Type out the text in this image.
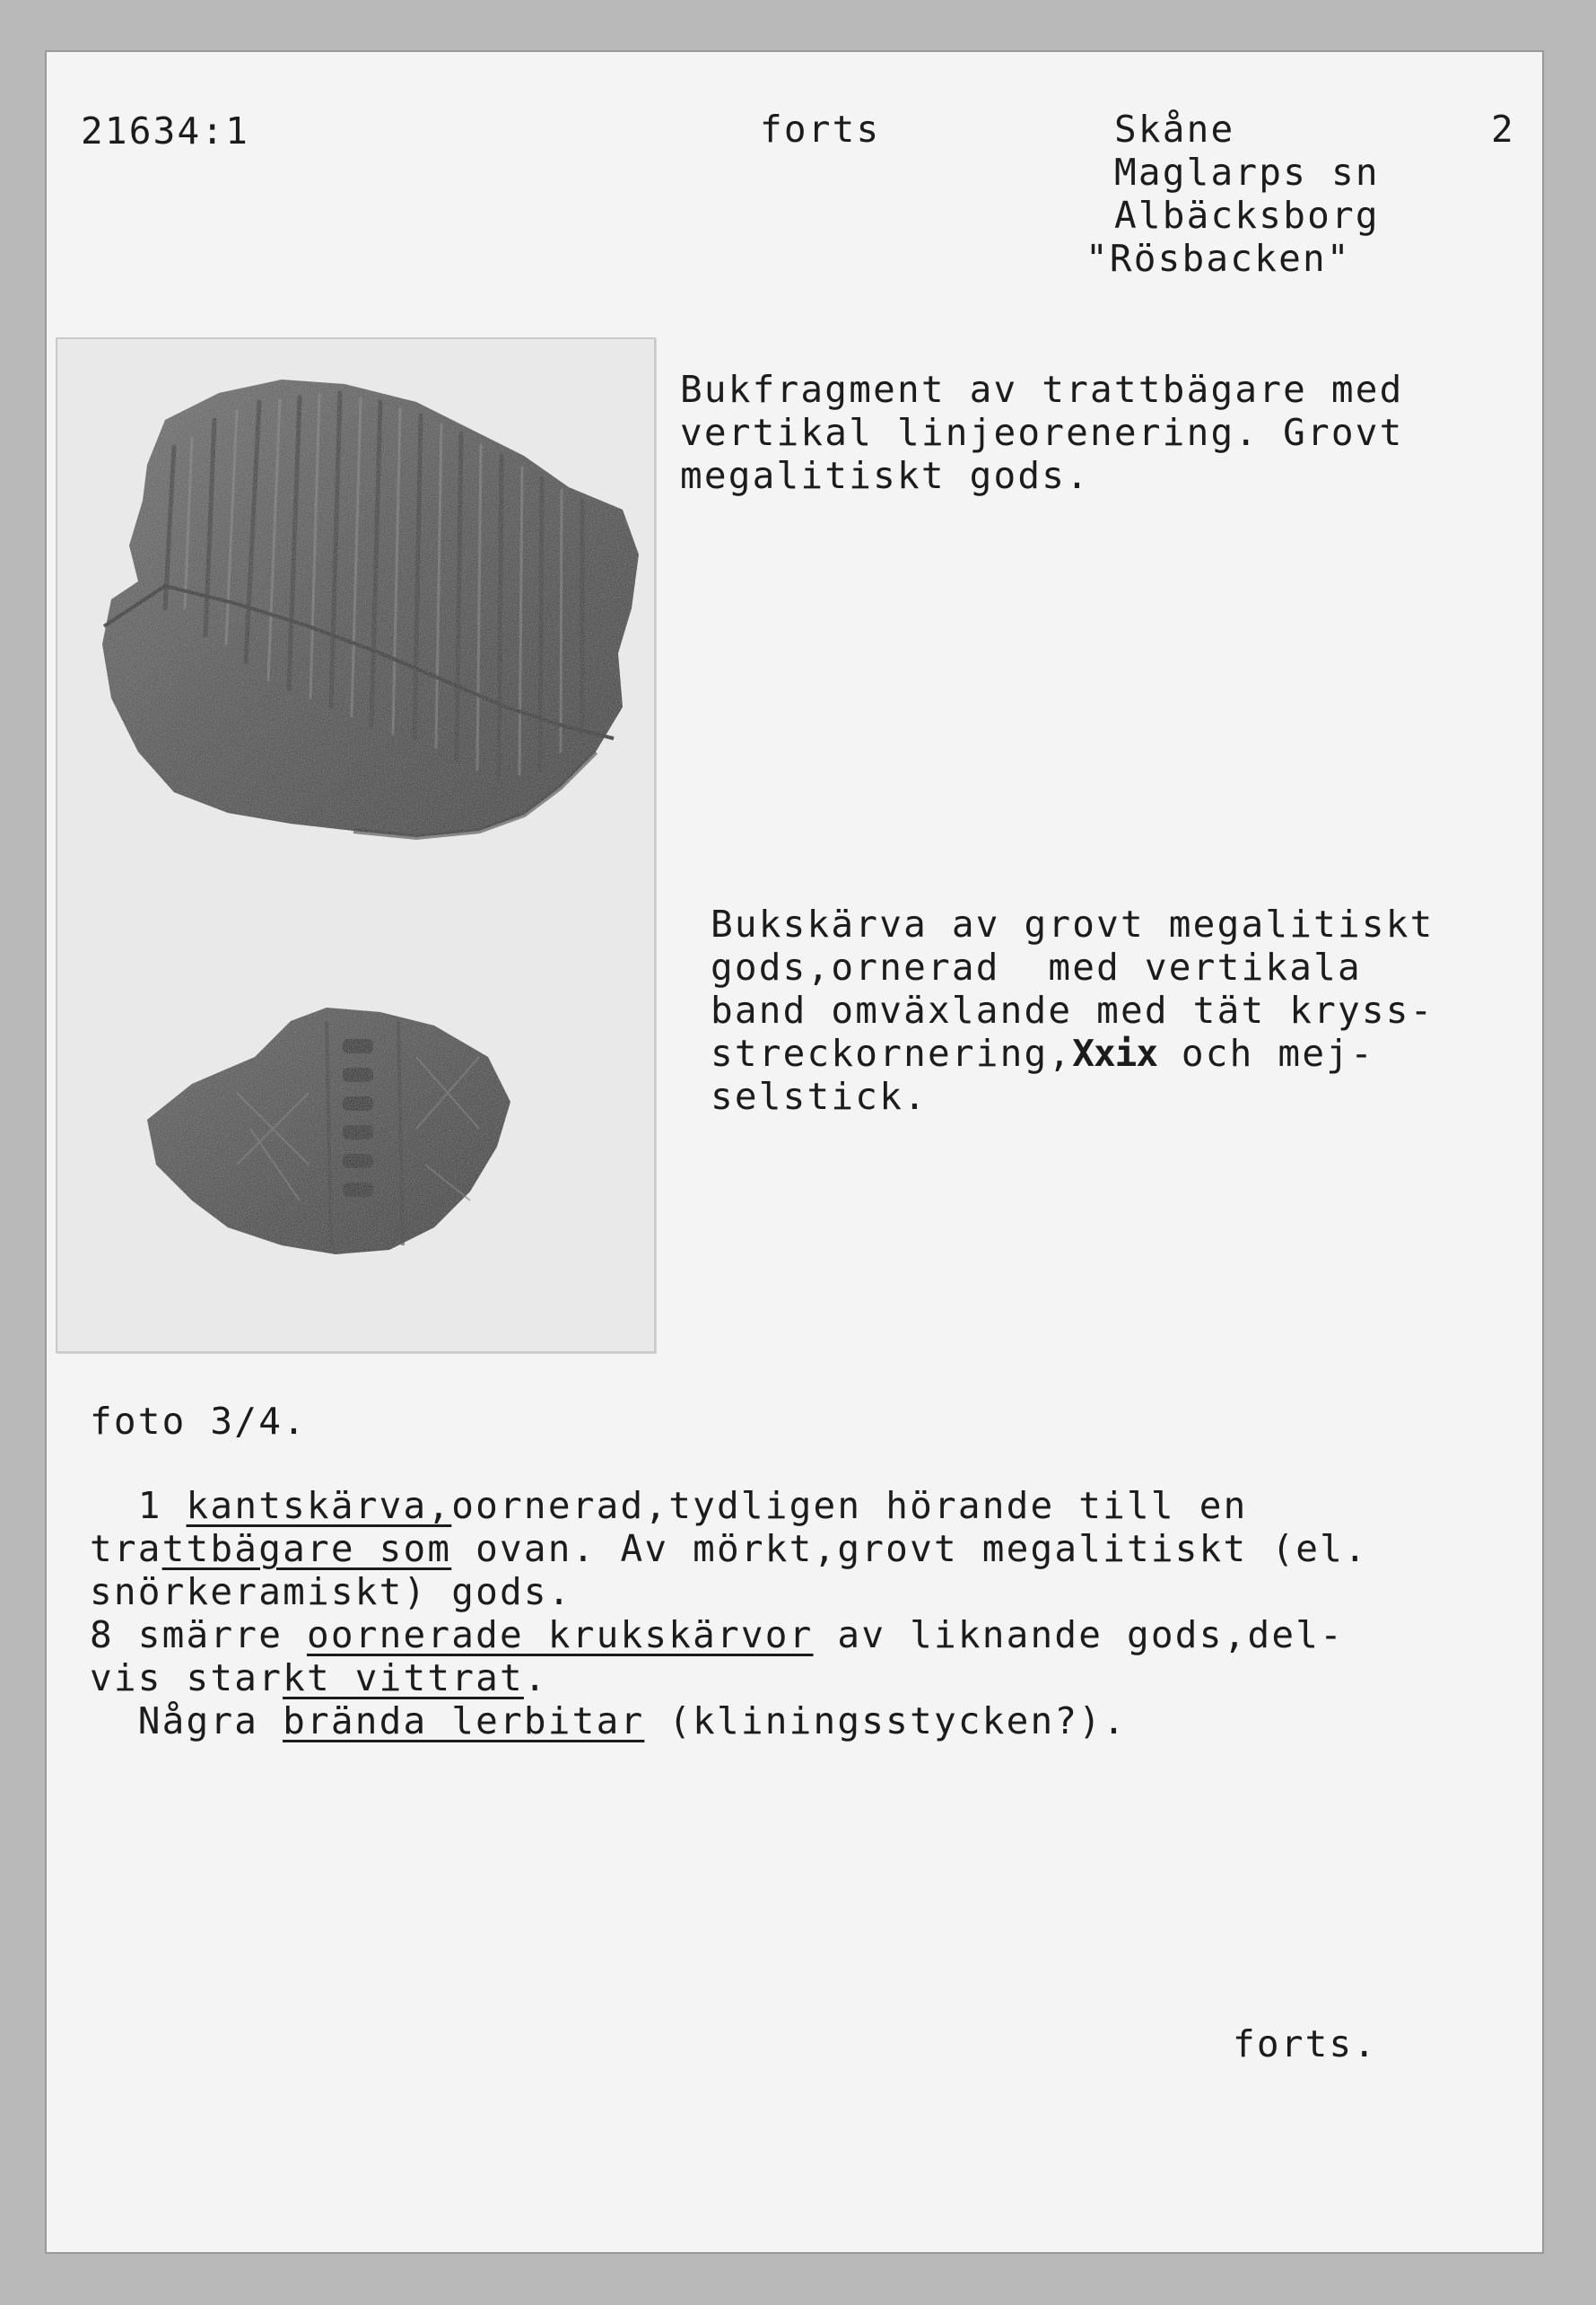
21634:1	forts	Skåne

Maglarps sn

Albäcksborg

"Rösbacken"

2

Bukfragment av trattbägare med

vertikal linjeorenering. Grovt

megalitiskt gods.

Bukskärva av grovt megalitiskt

gods,ornerad  med vertikala

band omväxlande med tät kryss-

streckornering,Xxix och mej-

selstick.

foto 3/4.

1 kantskärva,oornerad,tydligen hörande till en

trattbägare som ovan. Av mörkt,grovt megalitiskt (el.

snörkeramiskt) gods.

8 smärre oornerade krukskärvor av liknande gods,del-

vis starkt vittrat.

Några brända lerbitar (kliningsstycken?).

forts.
